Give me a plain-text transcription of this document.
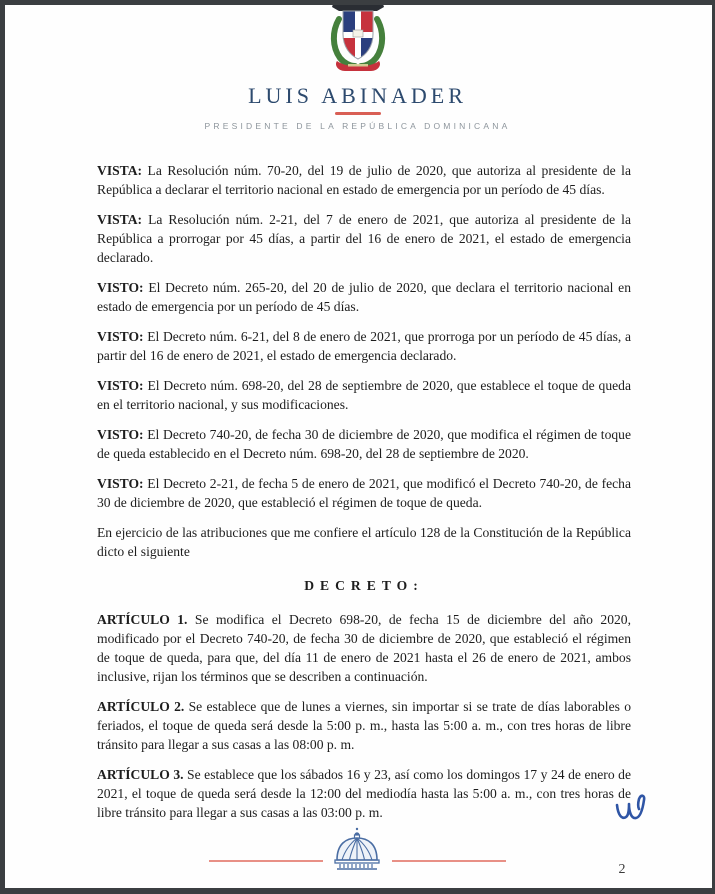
LUIS ABINADER
PRESIDENTE DE LA REPÚBLICA DOMINICANA

VISTA: La Resolución núm. 70-20, del 19 de julio de 2020, que autoriza al presidente de la República a declarar el territorio nacional en estado de emergencia por un período de 45 días.

VISTA: La Resolución núm. 2-21, del 7 de enero de 2021, que autoriza al presidente de la República a prorrogar por 45 días, a partir del 16 de enero de 2021, el estado de emergencia declarado.

VISTO: El Decreto núm. 265-20, del 20 de julio de 2020, que declara el territorio nacional en estado de emergencia por un período de 45 días.

VISTO: El Decreto núm. 6-21, del 8 de enero de 2021, que prorroga por un período de 45 días, a partir del 16 de enero de 2021, el estado de emergencia declarado.

VISTO: El Decreto núm. 698-20, del 28 de septiembre de 2020, que establece el toque de queda en el territorio nacional, y sus modificaciones.

VISTO: El Decreto 740-20, de fecha 30 de diciembre de 2020, que modifica el régimen de toque de queda establecido en el Decreto núm. 698-20, del 28 de septiembre de 2020.

VISTO: El Decreto 2-21, de fecha 5 de enero de 2021, que modificó el Decreto 740-20, de fecha 30 de diciembre de 2020, que estableció el régimen de toque de queda.

En ejercicio de las atribuciones que me confiere el artículo 128 de la Constitución de la República dicto el siguiente

DECRETO:

ARTÍCULO 1. Se modifica el Decreto 698-20, de fecha 15 de diciembre del año 2020, modificado por el Decreto 740-20, de fecha 30 de diciembre de 2020, que estableció el régimen de toque de queda, para que, del día 11 de enero de 2021 hasta el 26 de enero de 2021, ambos inclusive, rijan los términos que se describen a continuación.

ARTÍCULO 2. Se establece que de lunes a viernes, sin importar si se trate de días laborables o feriados, el toque de queda será desde la 5:00 p. m., hasta las 5:00 a. m., con tres horas de libre tránsito para llegar a sus casas a las 08:00 p. m.

ARTÍCULO 3. Se establece que los sábados 16 y 23, así como los domingos 17 y 24 de enero de 2021, el toque de queda será desde la 12:00 del mediodía hasta las 5:00 a. m., con tres horas de libre tránsito para llegar a sus casas a las 03:00 p. m.

2
